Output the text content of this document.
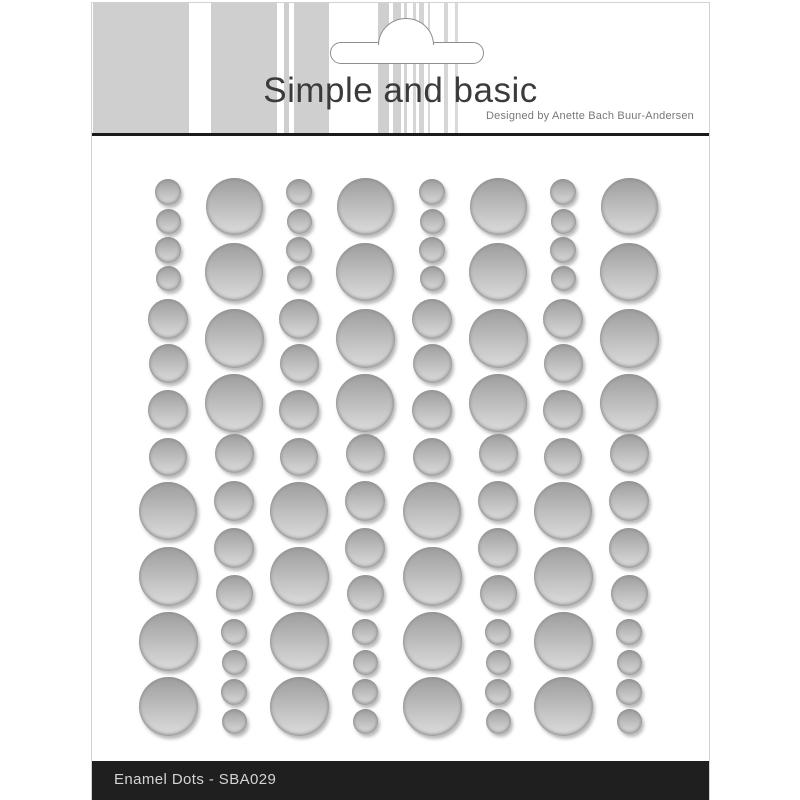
Simple and basic
Designed by Anette Bach Buur-Andersen
Enamel Dots - SBA029
